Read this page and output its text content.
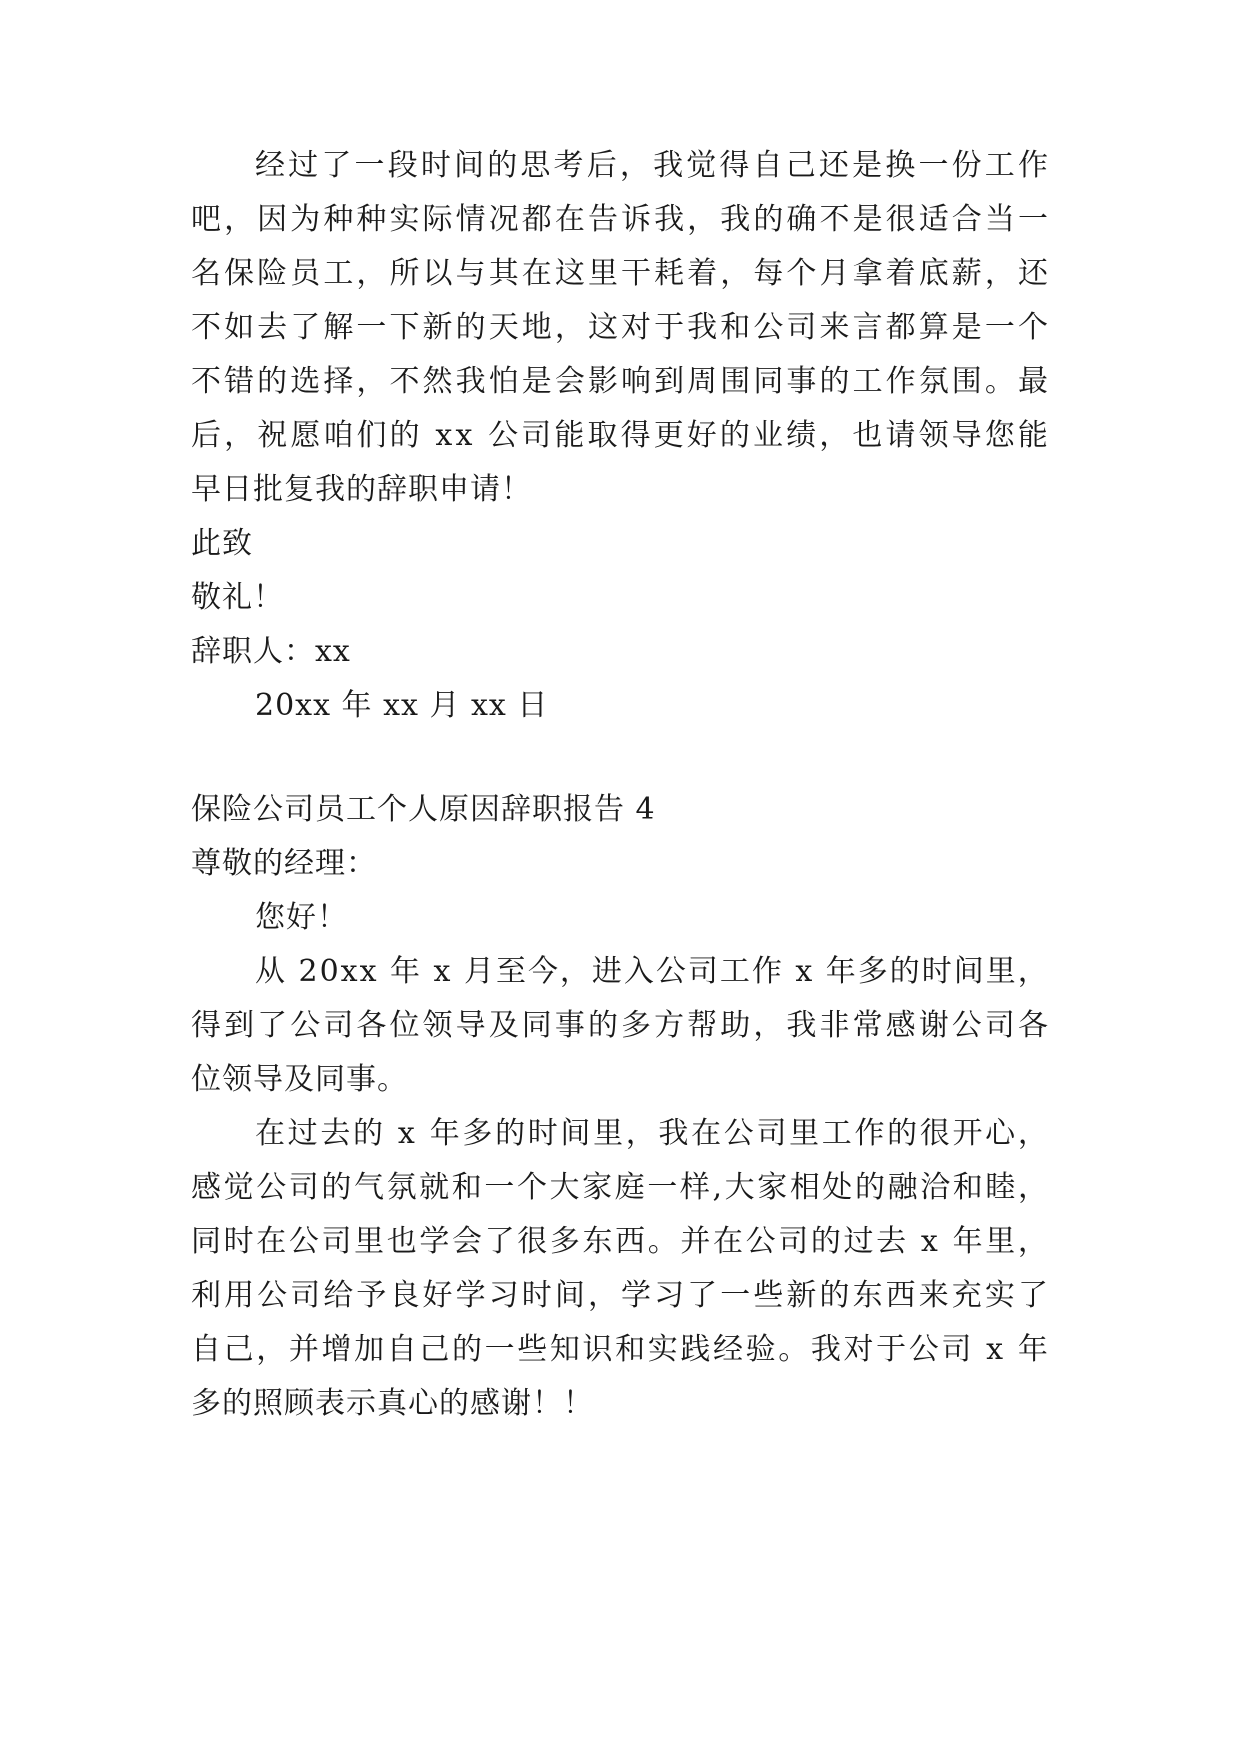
经 过 了 一 段 时 间 的 思 考 后 ， 我 觉 得 自 己 还 是 换 一 份 工 作
吧 ， 因 为 种 种 实 际 情 况 都 在 告 诉 我 ， 我 的 确 不 是 很 适 合 当 一
名 保 险 员 工 ， 所 以 与 其 在 这 里 干 耗 着 ， 每 个 月 拿 着 底 薪 ， 还
不 如 去 了 解 一 下 新 的 天 地 ， 这 对 于 我 和 公 司 来 言 都 算 是 一 个
不 错 的 选 择 ， 不 然 我 怕 是 会 影 响 到 周 围 同 事 的 工 作 氛 围 。 最
后 ， 祝 愿 咱 们 的
x x
公 司 能 取 得 更 好 的 业 绩 ， 也 请 领 导 您 能
早日批复我的辞职申请！
此致
敬礼！
辞职人：xx
20xx 年 xx 月 xx 日
保险公司员工个人原因辞职报告 4
尊敬的经理：
您好！
从
2 0 x x
年
x
月 至 今 ， 进 入 公 司 工 作
x
年 多 的 时 间 里 ，
得 到 了 公 司 各 位 领 导 及 同 事 的 多 方 帮 助 ， 我 非 常 感 谢 公 司 各
位领导及同事。
在 过 去 的
x
年 多 的 时 间 里 ， 我 在 公 司 里 工 作 的 很 开 心 ，
感 觉 公 司 的 气 氛 就 和 一 个 大 家 庭 一 样 , 大 家 相 处 的 融 洽 和 睦 ，
同 时 在 公 司 里 也 学 会 了 很 多 东 西 。 并 在 公 司 的 过 去
x
年 里 ，
利 用 公 司 给 予 良 好 学 习 时 间 ， 学 习 了 一 些 新 的 东 西 来 充 实 了
自 己 ， 并 增 加 自 己 的 一 些 知 识 和 实 践 经 验 。 我 对 于 公 司
x
年
多的照顾表示真心的感谢！！
